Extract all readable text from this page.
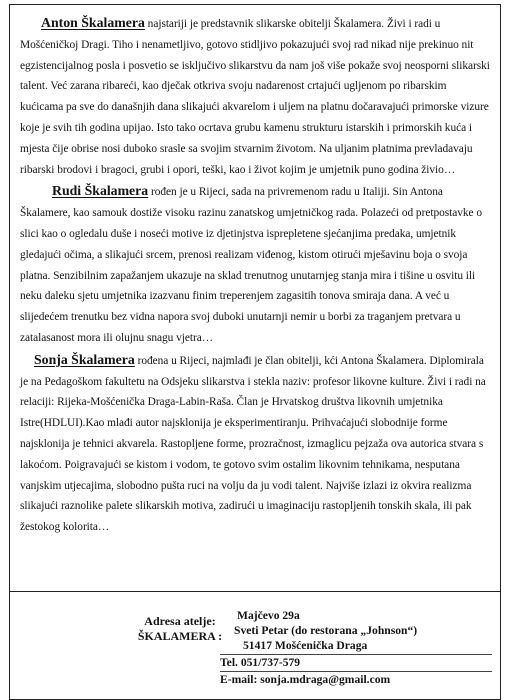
Anton Škalamera najstariji je predstavnik slikarske obitelji Škalamera. Živi i radi u Mošćeničkoj Dragi. Tiho i nenametljivo, gotovo stidljivo pokazujući svoj rad nikad nije prekinuo nit egzistencijalnog posla i posvetio se isključivo slikarstvu da nam još više pokaže svoj neosporni slikarski talent. Već zarana ribareći, kao dječak otkriva svoju nadarenost crtajući ugljenom po ribarskim kućicama pa sve do današnjih dana slikajući akvarelom i uljem na platnu dočaravajući primorske vizure koje je svih tih godina upijao. Isto tako ocrtava grubu kamenu strukturu istarskih i primorskih kuća i mjesta čije obrise nosi duboko srasle sa svojim stvarnim životom. Na uljanim platnima prevladavaju ribarski brodovi i bragoci, grubi i opori, teški, kao i život kojim je umjetnik puno godina živio…

Rudi Škalamera rođen je u Rijeci, sada na privremenom radu u Italiji. Sin Antona Škalamere, kao samouk dostiže visoku razinu zanatskog umjetničkog rada. Polazeći od pretpostavke o slici kao o ogledalu duše i noseći motive iz djetinjstva isprepletene sjećanjima predaka, umjetnik gledajući očima, a slikajući srcem, prenosi realizam viđenog, kistom otirući mješavinu boja o svoja platna. Senzibilnim zapažanjem ukazuje na sklad trenutnog unutarnjeg stanja mira i tišine u osvitu ili neku daleku sjetu umjetnika izazvanu finim treperenjem zagasitih tonova smiraja dana. A već u slijedećem trenutku bez vidna napora svoj duboki unutarnji nemir u borbi za traganjem pretvara u zatalasanost mora ili olujnu snagu vjetra…

Sonja Škalamera rođena u Rijeci, najmlađi je član obitelji, kći Antona Škalamera. Diplomirala je na Pedagoškom fakultetu na Odsjeku slikarstva i stekla naziv: profesor likovne kulture. Živi i radi na relaciji: Rijeka-Mošćenička Draga-Labin-Raša. Član je Hrvatskog društva likovnih umjetnika Istre(HDLUI).Kao mlađi autor najsklonija je eksperimentiranju. Prihvaćajući slobodnije forme najsklonija je tehnici akvarela. Rastopljene forme, prozračnost, izmaglicu pejzaža ova autorica stvara s lakoćom. Poigravajući se kistom i vodom, te gotovo svim ostalim likovnim tehnikama, nesputana vanjskim utjecajima, slobodno pušta ruci na volju da ju vodi talent. Najviše izlazi iz okvira realizma slikajući raznolike palete slikarskih motiva, zadirući u imaginaciju rastopljenih tonskih skala, ili pak žestokog kolorita…

Adresa atelje:
ŠKALAMERA :
Majčevo 29a
Sveti Petar (do restorana „Johnson“)
51417 Mošćenička Draga
Tel. 051/737-579
E-mail: sonja.mdraga@gmail.com
